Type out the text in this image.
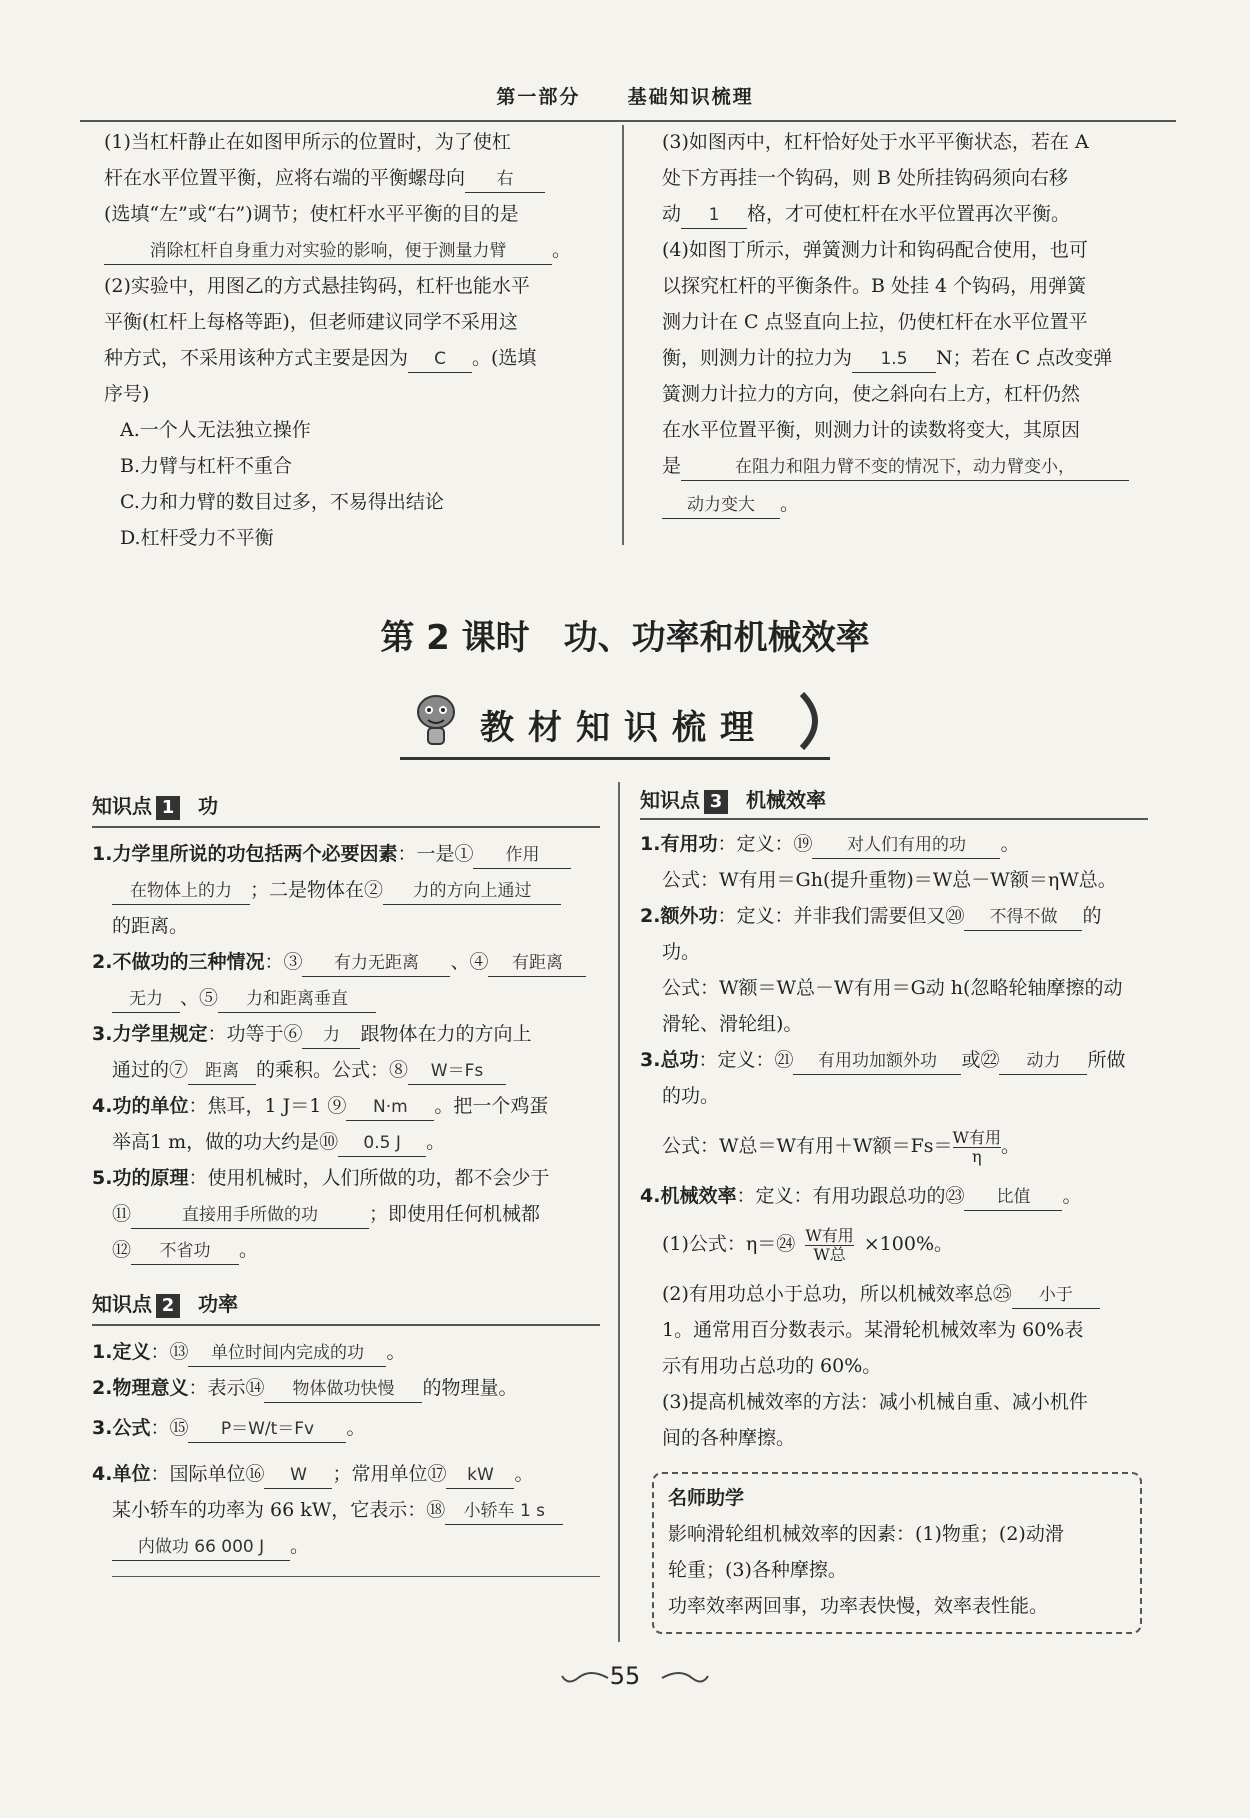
第一部分 基础知识梳理
(1)当杠杆静止在如图甲所示的位置时，为了使杠
杆在水平位置平衡，应将右端的平衡螺母向 右
(选填“左”或“右”)调节；使杠杆水平平衡的目的是
消除杠杆自身重力对实验的影响，便于测量力臂 。
(2)实验中，用图乙的方式悬挂钩码，杠杆也能水平
平衡(杠杆上每格等距)，但老师建议同学不采用这
种方式，不采用该种方式主要是因为 C 。(选填
序号)
A.一个人无法独立操作
B.力臂与杠杆不重合
C.力和力臂的数目过多，不易得出结论
D.杠杆受力不平衡
(3)如图丙中，杠杆恰好处于水平平衡状态，若在 A
处下方再挂一个钩码，则 B 处所挂钩码须向右移
动 1 格，才可使杠杆在水平位置再次平衡。
(4)如图丁所示，弹簧测力计和钩码配合使用，也可
以探究杠杆的平衡条件。B 处挂 4 个钩码，用弹簧
测力计在 C 点竖直向上拉，仍使杠杆在水平位置平
衡，则测力计的拉力为 1.5 N；若在 C 点改变弹
簧测力计拉力的方向，使之斜向右上方，杠杆仍然
在水平位置平衡，则测力计的读数将变大，其原因
是	在阻力和阻力臂不变的情况下，动力臂变小，
动力变大 。
第 2 课时　功、功率和机械效率
教材知识梳理
知识点 1 功
1.力学里所说的功包括两个必要因素：一是① 作用
在物体上的力 ；二是物体在② 力的方向上通过
的距离。
2.不做功的三种情况：③ 有力无距离 、④ 有距离
无力 、⑤ 力和距离垂直
3.力学里规定：功等于⑥ 力 跟物体在力的方向上
通过的⑦ 距离 的乘积。公式：⑧ W＝Fs
4.功的单位：焦耳，1 J＝1 ⑨ N·m 。把一个鸡蛋
举高1 m，做的功大约是⑩ 0.5 J 。
5.功的原理：使用机械时，人们所做的功，都不会少于
⑪	直接用手所做的功	；即使用任何机械都
⑫ 不省功 。
知识点 2 功率
1.定义：⑬ 单位时间内完成的功 。
2.物理意义：表示⑭ 物体做功快慢 的物理量。
3.公式：⑮ P＝W/t＝Fv 。
4.单位：国际单位⑯ W ；常用单位⑰ kW 。
某小轿车的功率为 66 kW，它表示：⑱ 小轿车 1 s
内做功 66 000 J 。
知识点 3 机械效率
1.有用功：定义：⑲ 对人们有用的功 。
公式：W有用＝Gh(提升重物)＝W总－W额＝ηW总。
2.额外功：定义：并非我们需要但又⑳ 不得不做 的
功。
公式：W额＝W总－W有用＝G动 h(忽略轮轴摩擦的动
滑轮、滑轮组)。
3.总功：定义：㉑ 有用功加额外功 或㉒ 动力 所做
的功。
公式：W总＝W有用＋W额$=Fs= \frac{\text{W有用}}{\eta}$ 。
4.机械效率：定义：有用功跟总功的㉓ 比值 。
(1)公式：η＝㉔ $\frac{\text{W有用}}{\text{W总}} \times 100\%$。
(2)有用功总小于总功，所以机械效率总㉕ 小于
1。通常用百分数表示。某滑轮机械效率为 60%表
示有用功占总功的 60%。
(3)提高机械效率的方法：减小机械自重、减小机件
间的各种摩擦。
名师助学
影响滑轮组机械效率的因素：(1)物重；(2)动滑
轮重；(3)各种摩擦。
功率效率两回事，功率表快慢，效率表性能。
55
